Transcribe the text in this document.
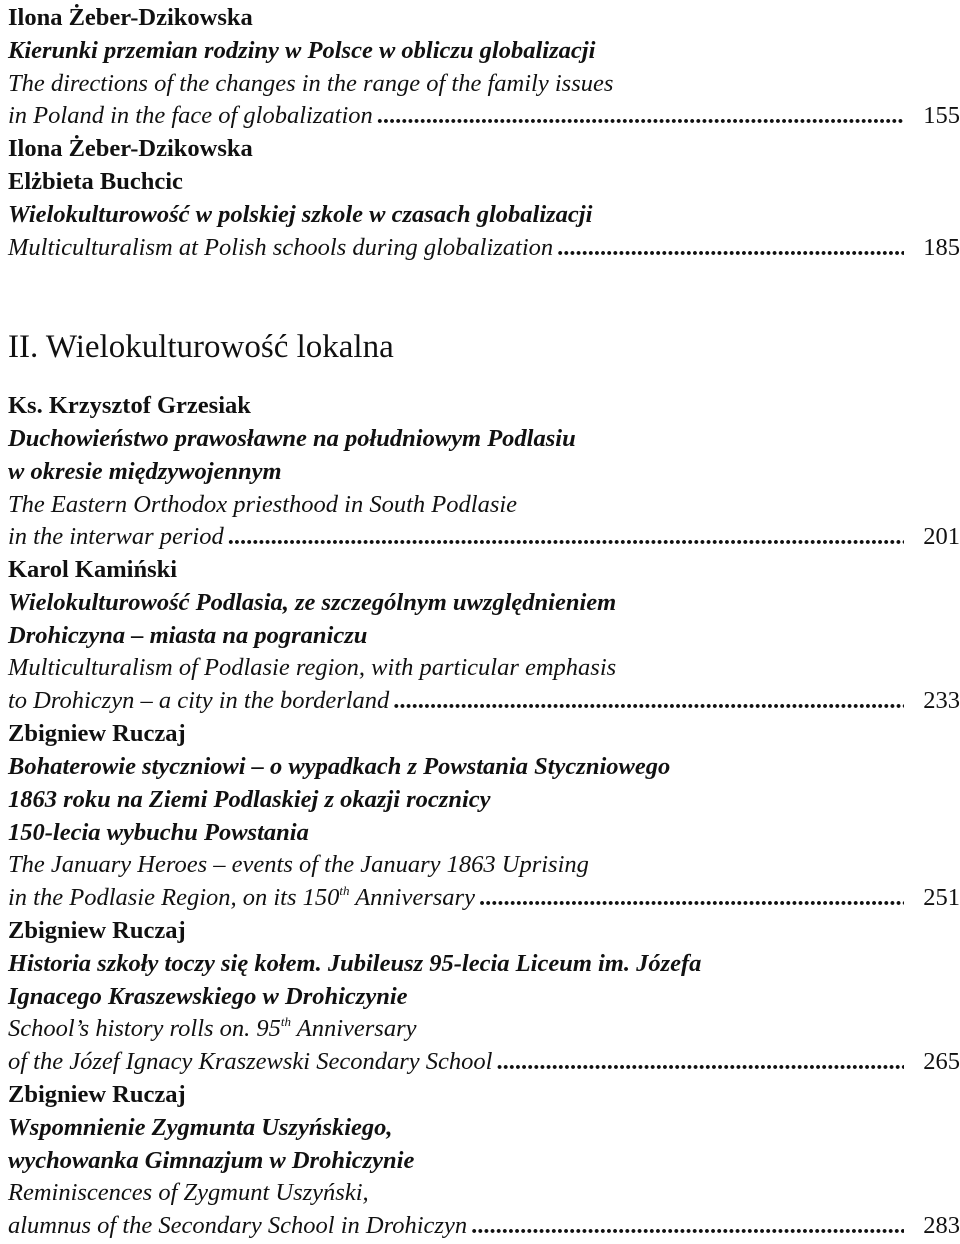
Ilona Żeber-Dzikowska
Kierunki przemian rodziny w Polsce w obliczu globalizacji
The directions of the changes in the range of the family issues
in Poland in the face of globalization .....	155
Ilona Żeber-Dzikowska
Elżbieta Buchcic
Wielokulturowość w polskiej szkole w czasach globalizacji
Multiculturalism at Polish schools during globalization .....	185
II. Wielokulturowość lokalna
Ks. Krzysztof Grzesiak
Duchowieństwo prawosławne na południowym Podlasiu
w okresie międzywojennym
The Eastern Orthodox priesthood in South Podlasie
in the interwar period .....	201
Karol Kamiński
Wielokulturowość Podlasia, ze szczególnym uwzględnieniem
Drohiczyna – miasta na pograniczu
Multiculturalism of Podlasie region, with particular emphasis
to Drohiczyn – a city in the borderland .....	233
Zbigniew Ruczaj
Bohaterowie styczniowi – o wypadkach z Powstania Styczniowego
1863 roku na Ziemi Podlaskiej z okazji rocznicy
150-lecia wybuchu Powstania
The January Heroes – events of the January 1863 Uprising
in the Podlasie Region, on its 150th Anniversary .....	251
Zbigniew Ruczaj
Historia szkoły toczy się kołem. Jubileusz 95-lecia Liceum im. Józefa
Ignacego Kraszewskiego w Drohiczynie
School’s history rolls on. 95th Anniversary
of the Józef Ignacy Kraszewski Secondary School .....	265
Zbigniew Ruczaj
Wspomnienie Zygmunta Uszyńskiego,
wychowanka Gimnazjum w Drohiczynie
Reminiscences of Zygmunt Uszyński,
alumnus of the Secondary School in Drohiczyn .....	283
